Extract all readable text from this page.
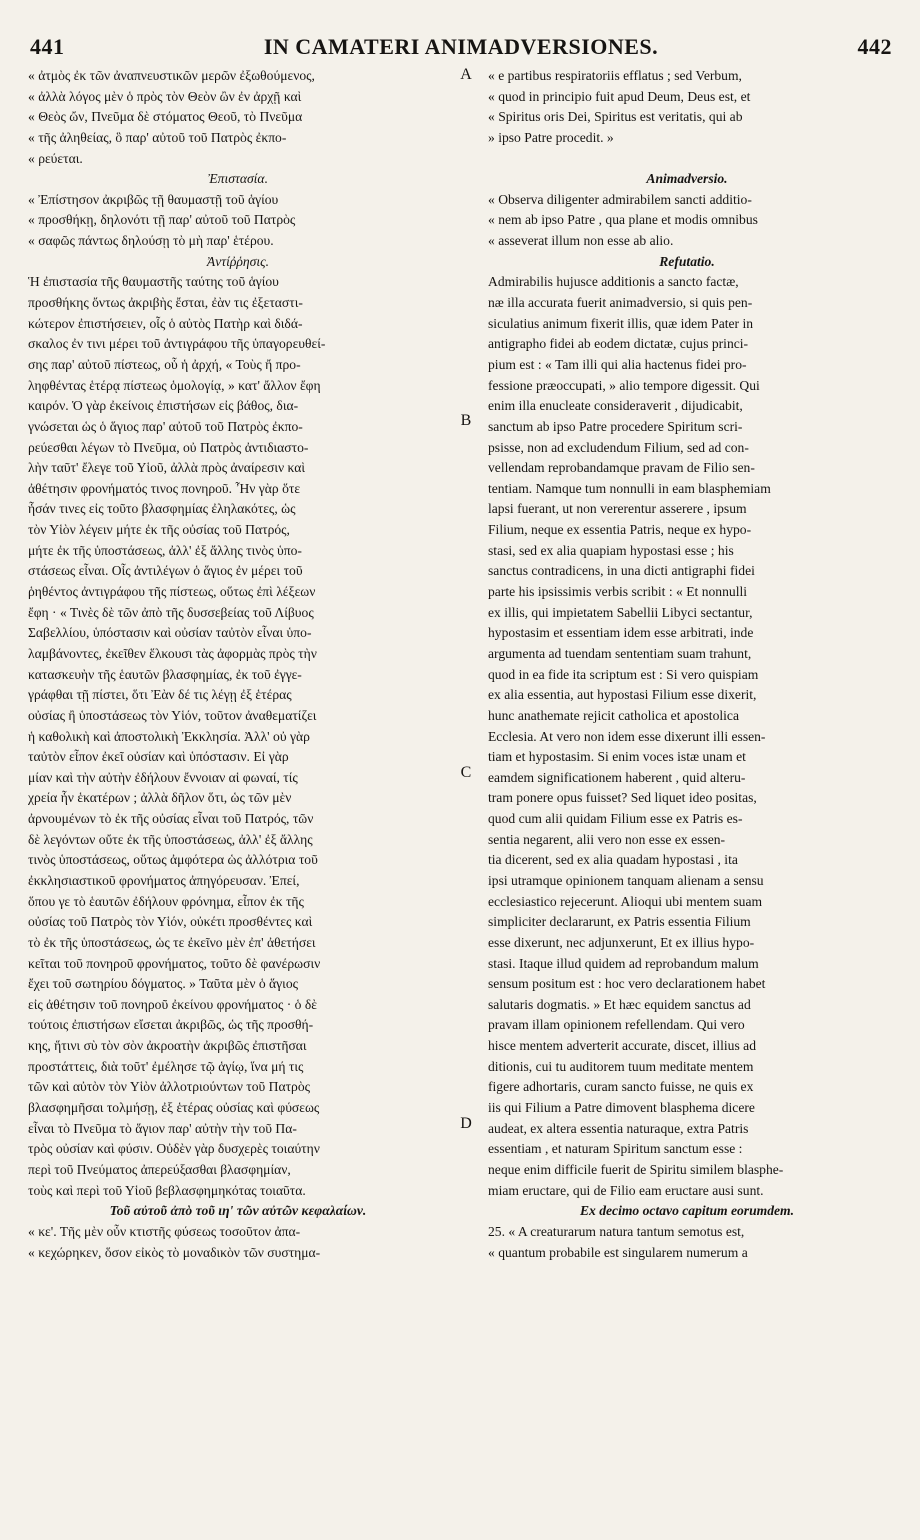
441	IN CAMATERI ANIMADVERSIONES.	442
« ἀτμὸς ἐκ τῶν ἀναπνευστικῶν μερῶν ἐξωθούμενος,
« ἀλλὰ λόγος μὲν ὁ πρὸς τὸν Θεὸν ὢν ἐν ἀρχῇ καὶ
« Θεὸς ὤν, Πνεῦμα δὲ στόματος Θεοῦ, τὸ Πνεῦμα
« τῆς ἀληθείας, ὃ παρ' αὐτοῦ τοῦ Πατρὸς ἐκπο-
« ρεύεται.
Ἐπιστασία.
« Ἐπίστησον ἀκριβῶς τῇ θαυμαστῇ τοῦ ἁγίου
« προσθήκῃ, δηλονότι τῇ παρ' αὐτοῦ τοῦ Πατρὸς
« σαφῶς πάντως δηλούσῃ τὸ μὴ παρ' ἑτέρου.
Ἀντίῤῥησις.
Ἡ ἐπιστασία τῆς θαυμαστῆς ταύτης τοῦ ἁγίου
προσθήκης ὄντως ἀκριβὴς ἔσται, ἐὰν τις ἐξεταστι-
κώτερον ἐπιστήσειεν, οἷς ὁ αὐτὸς Πατὴρ καὶ διδά-
σκαλος ἐν τινι μέρει τοῦ ἀντιγράφου τῆς ὑπαγορευθεί-
σης παρ' αὐτοῦ πίστεως, οὗ ἡ ἀρχή, « Τοὺς ἤ προ-
ληφθέντας ἑτέρᾳ πίστεως ὁμολογίᾳ, » κατ' ἄλλον ἔφη
καιρόν. Ὁ γὰρ ἐκείνοις ἐπιστήσων εἰς βάθος, δια-
γνώσεται ὡς ὁ ἅγιος παρ' αὐτοῦ τοῦ Πατρὸς ἐκπο-
ρεύεσθαι λέγων τὸ Πνεῦμα, οὐ Πατρὸς ἀντιδιαστο-
λὴν ταῦτ' ἔλεγε τοῦ Υἱοῦ, ἀλλὰ πρὸς ἀναίρεσιν καὶ
ἀθέτησιν φρονήματός τινος πονηροῦ. Ἦν γὰρ ὅτε
ἦσάν τινες εἰς τοῦτο βλασφημίας ἐληλακότες, ὡς
τὸν Υἱὸν λέγειν μήτε ἐκ τῆς οὐσίας τοῦ Πατρός,
μήτε ἐκ τῆς ὑποστάσεως, ἀλλ' ἐξ ἄλλης τινὸς ὑπο-
στάσεως εἶναι. Οἷς ἀντιλέγων ὁ ἅγιος ἐν μέρει τοῦ
ῥηθέντος ἀντιγράφου τῆς πίστεως, οὕτως ἐπὶ λέξεων
ἔφη · « Τινὲς δὲ τῶν ἀπὸ τῆς δυσσεβείας τοῦ Λίβυος
Σαβελλίου, ὑπόστασιν καὶ οὐσίαν ταὐτὸν εἶναι ὑπο-
λαμβάνοντες, ἐκεῖθεν ἕλκουσι τὰς ἀφορμὰς πρὸς τὴν
κατασκευὴν τῆς ἑαυτῶν βλασφημίας, ἐκ τοῦ ἐγγε-
γράφθαι τῇ πίστει, ὅτι Ἐὰν δέ τις λέγῃ ἐξ ἑτέρας
οὐσίας ἢ ὑποστάσεως τὸν Υἱόν, τοῦτον ἀναθεματίζει
ἡ καθολικὴ καὶ ἀποστολικὴ Ἐκκλησία. Ἀλλ' οὐ γὰρ
ταὐτὸν εἶπον ἐκεῖ οὐσίαν καὶ ὑπόστασιν. Εἰ γὰρ
μίαν καὶ τὴν αὐτὴν ἐδήλουν ἔννοιαν αἱ φωναί, τίς
χρεία ἦν ἑκατέρων ; ἀλλὰ δῆλον ὅτι, ὡς τῶν μὲν
ἀρνουμένων τὸ ἐκ τῆς οὐσίας εἶναι τοῦ Πατρός, τῶν
δὲ λεγόντων οὔτε ἐκ τῆς ὑποστάσεως, ἀλλ' ἐξ ἄλλης
τινὸς ὑποστάσεως, οὕτως ἀμφότερα ὡς ἀλλότρια τοῦ
ἐκκλησιαστικοῦ φρονήματος ἀπηγόρευσαν. Ἐπεί,
ὅπου γε τὸ ἑαυτῶν ἐδήλουν φρόνημα, εἶπον ἐκ τῆς
οὐσίας τοῦ Πατρὸς τὸν Υἱόν, οὐκέτι προσθέντες καὶ
τὸ ἐκ τῆς ὑποστάσεως, ὡς τε ἐκεῖνο μὲν ἐπ' ἀθετήσει
κεῖται τοῦ πονηροῦ φρονήματος, τοῦτο δὲ φανέρωσιν
ἔχει τοῦ σωτηρίου δόγματος. » Ταῦτα μὲν ὁ ἅγιος
εἰς ἀθέτησιν τοῦ πονηροῦ ἐκείνου φρονήματος · ὁ δὲ
τούτοις ἐπιστήσων εἴσεται ἀκριβῶς, ὡς τῆς προσθή-
κης, ἥτινι σὺ τὸν σὸν ἀκροατὴν ἀκριβῶς ἐπιστῆσαι
προστάττεις, διὰ τοῦτ' ἐμέλησε τῷ ἁγίῳ, ἵνα μή τις
τῶν καὶ αὐτὸν τὸν Υἱὸν ἀλλοτριούντων τοῦ Πατρὸς
βλασφημῆσαι τολμήσῃ, ἐξ ἑτέρας οὐσίας καὶ φύσεως
εἶναι τὸ Πνεῦμα τὸ ἅγιον παρ' αὐτὴν τὴν τοῦ Πα-
τρὸς οὐσίαν καὶ φύσιν. Οὐδὲν γὰρ δυσχερὲς τοιαύτην
περὶ τοῦ Πνεύματος ἀπερεύξασθαι βλασφημίαν,
τοὺς καὶ περὶ τοῦ Υἱοῦ βεβλασφημηκότας τοιαῦτα.
Τοῦ αὐτοῦ ἀπὸ τοῦ ιη' τῶν αὐτῶν κεφαλαίων.
« κε'. Τῆς μὲν οὖν κτιστῆς φύσεως τοσοῦτον ἀπα-
« κεχώρηκεν, ὅσον εἰκὸς τὸ μοναδικὸν τῶν συστημα-
A
B
C
D
« e partibus respiratoriis efflatus ; sed Verbum,
« quod in principio fuit apud Deum, Deus est, et
« Spiritus oris Dei, Spiritus est veritatis, qui ab
» ipso Patre procedit. »
Animadversio.
« Observa diligenter admirabilem sancti additio-
« nem ab ipso Patre , qua plane et modis omnibus
« asseverat illum non esse ab alio.
Refutatio.
Admirabilis hujusce additionis a sancto factæ,
næ illa accurata fuerit animadversio, si quis pen-
siculatius animum fixerit illis, quæ idem Pater in
antigrapho fidei ab eodem dictatæ, cujus princi-
pium est : « Tam illi qui alia hactenus fidei pro-
fessione præoccupati, » alio tempore digessit. Qui
enim illa enucleate consideraverit , dijudicabit,
sanctum ab ipso Patre procedere Spiritum scri-
psisse, non ad excludendum Filium, sed ad con-
vellendam reprobandamque pravam de Filio sen-
tentiam. Namque tum nonnulli in eam blasphemiam
lapsi fuerant, ut non vererentur asserere , ipsum
Filium, neque ex essentia Patris, neque ex hypo-
stasi, sed ex alia quapiam hypostasi esse ; his
sanctus contradicens, in una dicti antigraphi fidei
parte his ipsissimis verbis scribit : « Et nonnulli
ex illis, qui impietatem Sabellii Libyci sectantur,
hypostasim et essentiam idem esse arbitrati, inde
argumenta ad tuendam sententiam suam trahunt,
quod in ea fide ita scriptum est : Si vero quispiam
ex alia essentia, aut hypostasi Filium esse dixerit,
hunc anathemate rejicit catholica et apostolica
Ecclesia. At vero non idem esse dixerunt illi essen-
tiam et hypostasim. Si enim voces istæ unam et
eamdem significationem haberent , quid alteru-
tram ponere opus fuisset? Sed liquet ideo positas,
quod cum alii quidam Filium esse ex Patris es-
sentia negarent, alii vero non esse ex essen-
tia dicerent, sed ex alia quadam hypostasi , ita
ipsi utramque opinionem tanquam alienam a sensu
ecclesiastico rejecerunt. Alioqui ubi mentem suam
simpliciter declararunt, ex Patris essentia Filium
esse dixerunt, nec adjunxerunt, Et ex illius hypo-
stasi. Itaque illud quidem ad reprobandum malum
sensum positum est : hoc vero declarationem habet
salutaris dogmatis. » Et hæc equidem sanctus ad
pravam illam opinionem refellendam. Qui vero
hisce mentem adverterit accurate, discet, illius ad
ditionis, cui tu auditorem tuum meditate mentem
figere adhortaris, curam sancto fuisse, ne quis ex
iis qui Filium a Patre dimovent blasphema dicere
audeat, ex altera essentia naturaque, extra Patris
essentiam , et naturam Spiritum sanctum esse :
neque enim difficile fuerit de Spiritu similem blasphe-
miam eructare, qui de Filio eam eructare ausi sunt.
Ex decimo octavo capitum eorumdem.
25. « A creaturarum natura tantum semotus est,
« quantum probabile est singularem numerum a
